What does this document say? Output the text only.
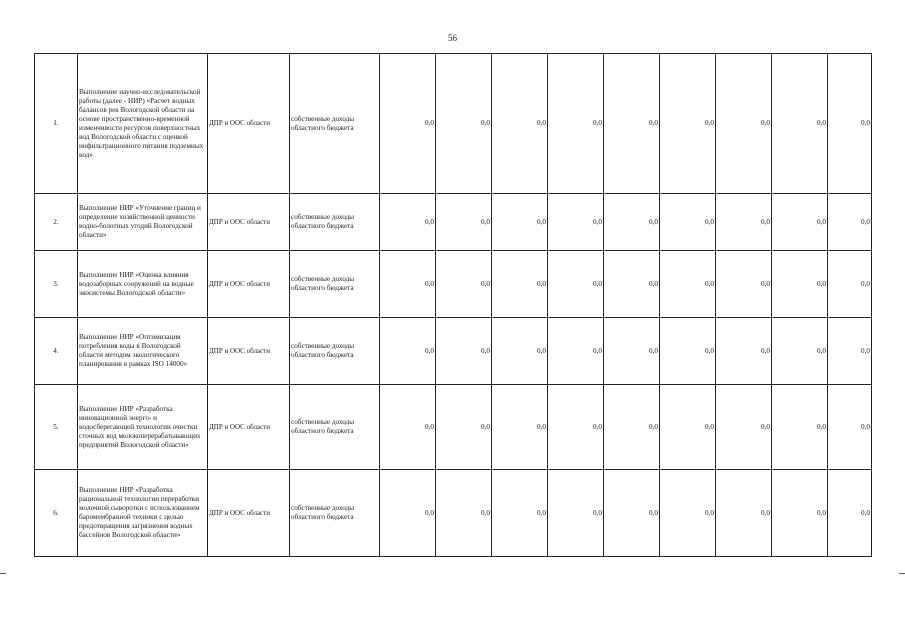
56
1.	Выполнение научно-исследовательской работы (далее - НИР) «Расчет водных балансов рек Вологодской области на основе пространственно-временной изменчивости ресурсов поверхностных вод Вологодской области с оценкой инфильтрационного питания подземных вод»	ДПР и ООС области	собственные доходы областного бюджета	0,0	0,0	0,0	0,0	0,0	0,0	0,0	0,0	0,0
2.	Выполнение НИР «Уточнение границ и определение хозяйственной ценности водно-болотных угодий Вологодской области»	ДПР и ООС области	собственные доходы областного бюджета	0,0	0,0	0,0	0,0	0,0	0,0	0,0	0,0	0,0
3.	Выполнение НИР «Оценка влияния водозаборных сооружений на водные экосистемы Вологодской области»	ДПР и ООС области	собственные доходы областного бюджета	0,0	0,0	0,0	0,0	0,0	0,0	0,0	0,0	0,0
4.	Выполнение НИР «Оптимизация потребления воды в Вологодской области методом экологического планирования в рамках ISO 14000»	ДПР и ООС области	собственные доходы областного бюджета	0,0	0,0	0,0	0,0	0,0	0,0	0,0	0,0	0,0
5.	Выполнение НИР «Разработка инновационной энерго- и водосберегающей технологии очистки сточных вод молокоперерабатывающих предприятий Вологодской области»	ДПР и ООС области	собственные доходы областного бюджета	0,0	0,0	0,0	0,0	0,0	0,0	0,0	0,0	0,0
6.	Выполнение НИР «Разработка рациональной технологии переработки молочной сыворотки с использованием баромембранной техники с целью предотвращения загрязнения водных бассейнов Вологодской области»	ДПР и ООС области	собственные доходы областного бюджета	0,0	0,0	0,0	0,0	0,0	0,0	0,0	0,0	0,0
